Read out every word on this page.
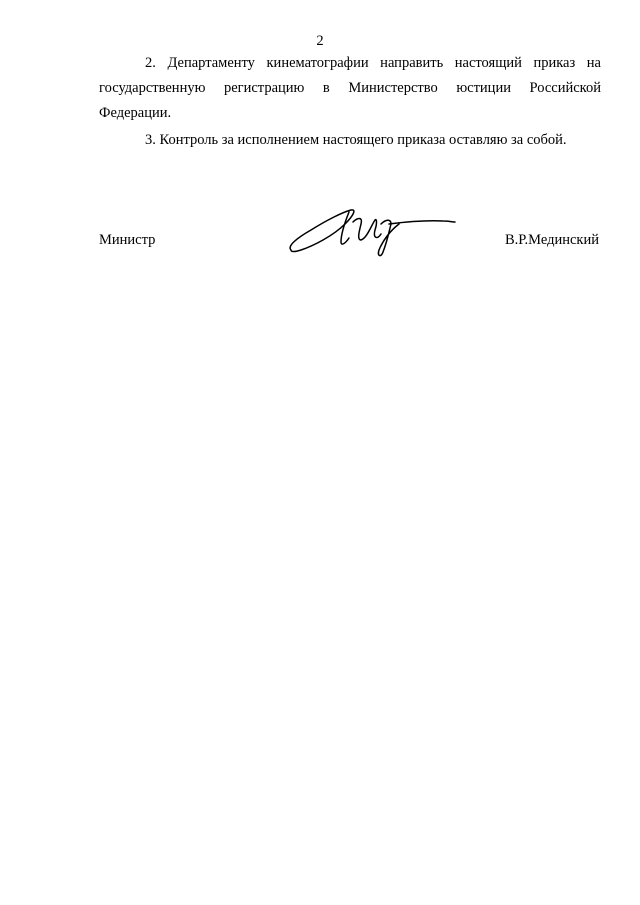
2

2. Департаменту кинематографии направить настоящий приказ на государственную регистрацию в Министерство юстиции Российской Федерации.

3. Контроль за исполнением настоящего приказа оставляю за собой.

Министр	В.Р.Мединский
